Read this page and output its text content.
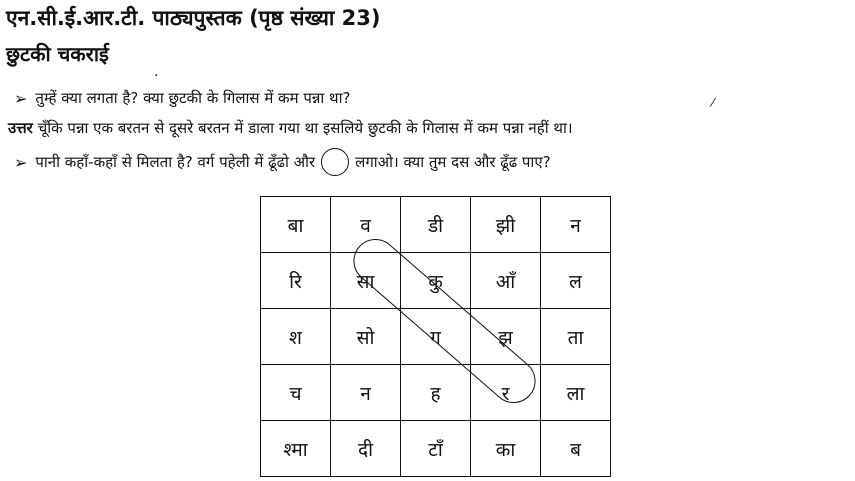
एन.सी.ई.आर.टी. पाठ्यपुस्तक (पृष्ठ संख्या 23)
छुटकी चकराई
.
➢ तुम्हें क्या लगता है? क्या छुटकी के गिलास में कम पन्ना था?	/
उत्तर चूँकि पन्ना एक बरतन से दूसरे बरतन में डाला गया था इसलिये छुटकी के गिलास में कम पन्ना नहीं था।
➢ पानी कहाँ-कहाँ से मिलता है? वर्ग पहेली में ढूँढो और	लगाओ। क्या तुम दस और ढूँढ पाए?
बा	व	डी	झी	न
रि	सा	कु	आँ	ल
श	सो	ग	झ	ता
च	न	ह	र	ला
श्मा	दी	टाँ	का	ब
